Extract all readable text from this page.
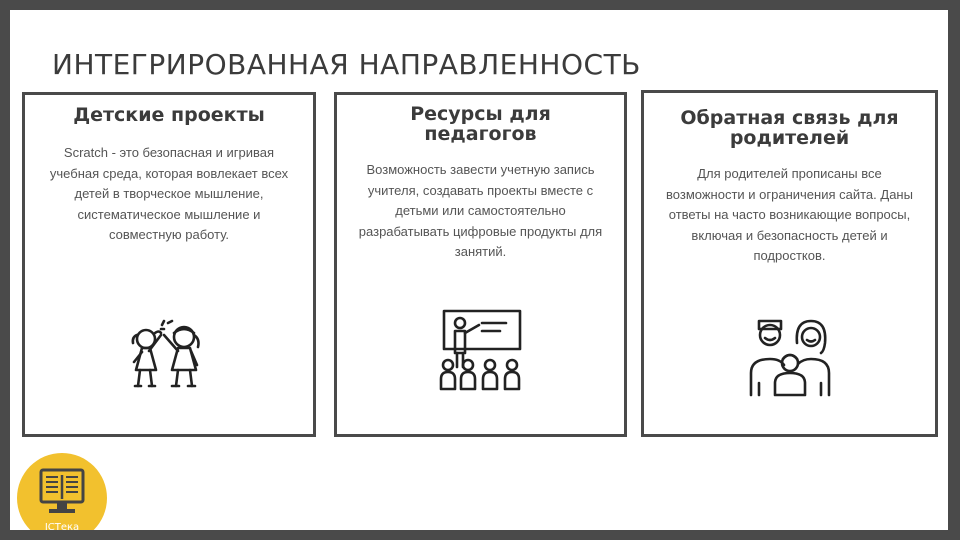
ИНТЕГРИРОВАННАЯ НАПРАВЛЕННОСТЬ
Детские проекты
Scratch - это безопасная и игривая учебная среда, которая вовлекает всех детей в творческое мышление, систематическое мышление и совместную работу.
Ресурсы для педагогов
Возможность завести учетную запись учителя, создавать проекты вместе с детьми или самостоятельно разрабатывать цифровые продукты для занятий.
Обратная связь для родителей
Для родителей прописаны все возможности и ограничения сайта. Даны ответы на часто возникающие вопросы, включая и безопасность детей и подростков.
ICТека
